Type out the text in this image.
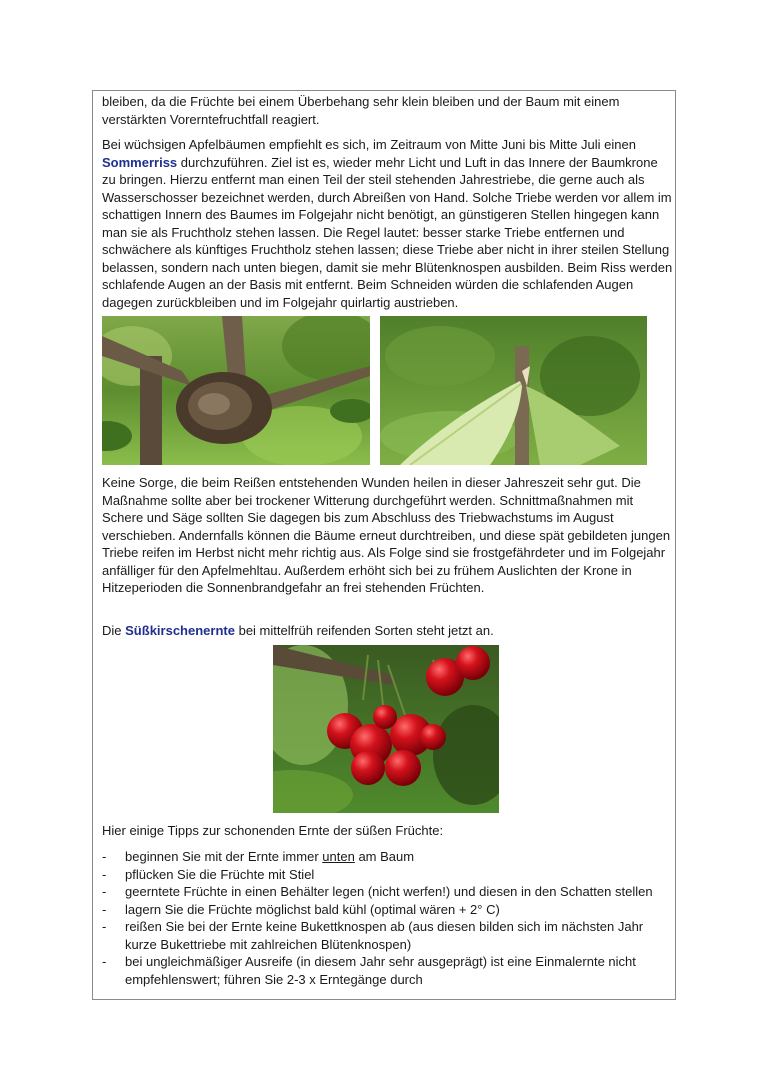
bleiben, da die Früchte bei einem Überbehang sehr klein bleiben und der Baum mit einem verstärkten Vorerntefruchtfall reagiert.

Bei wüchsigen Apfelbäumen empfiehlt es sich, im Zeitraum von Mitte Juni bis Mitte Juli einen Sommerriss durchzuführen. Ziel ist es, wieder mehr Licht und Luft in das Innere der Baumkrone zu bringen. Hierzu entfernt man einen Teil der steil stehenden Jahrestriebe, die gerne auch als Wasserschosser bezeichnet werden, durch Abreißen von Hand. Solche Triebe werden vor allem im schattigen Innern des Baumes im Folgejahr nicht benötigt, an günstigeren Stellen hingegen kann man sie als Fruchtholz stehen lassen. Die Regel lautet: besser starke Triebe entfernen und schwächere als künftiges Fruchtholz stehen lassen; diese Triebe aber nicht in ihrer steilen Stellung belassen, sondern nach unten biegen, damit sie mehr Blütenknospen ausbilden. Beim Riss werden schlafende Augen an der Basis mit entfernt. Beim Schneiden würden die schlafenden Augen dagegen zurückbleiben und im Folgejahr quirlartig austrieben.

Keine Sorge, die beim Reißen entstehenden Wunden heilen in dieser Jahreszeit sehr gut. Die Maßnahme sollte aber bei trockener Witterung durchgeführt werden. Schnittmaßnahmen mit Schere und Säge sollten Sie dagegen bis zum Abschluss des Triebwachstums im August verschieben. Andernfalls können die Bäume erneut durchtreiben, und diese spät gebildeten jungen Triebe reifen im Herbst nicht mehr richtig aus. Als Folge sind sie frostgefährdeter und im Folgejahr anfälliger für den Apfelmehltau. Außerdem erhöht sich bei zu frühem Auslichten der Krone in Hitzeperioden die Sonnenbrandgefahr an frei stehenden Früchten.

Die Süßkirschenernte bei mittelfrüh reifenden Sorten steht jetzt an.

Hier einige Tipps zur schonenden Ernte der süßen Früchte:

-	beginnen Sie mit der Ernte immer unten am Baum
-	pflücken Sie die Früchte mit Stiel
-	geerntete Früchte in einen Behälter legen (nicht werfen!) und diesen in den Schatten stellen
-	lagern Sie die Früchte möglichst bald kühl (optimal wären + 2° C)
-	reißen Sie bei der Ernte keine Bukettknospen ab (aus diesen bilden sich im nächsten Jahr kurze Bukettriebe mit zahlreichen Blütenknospen)
-	bei ungleichmäßiger Ausreife (in diesem Jahr sehr ausgeprägt) ist eine Einmalernte nicht empfehlenswert; führen Sie 2-3 x Erntegänge durch
